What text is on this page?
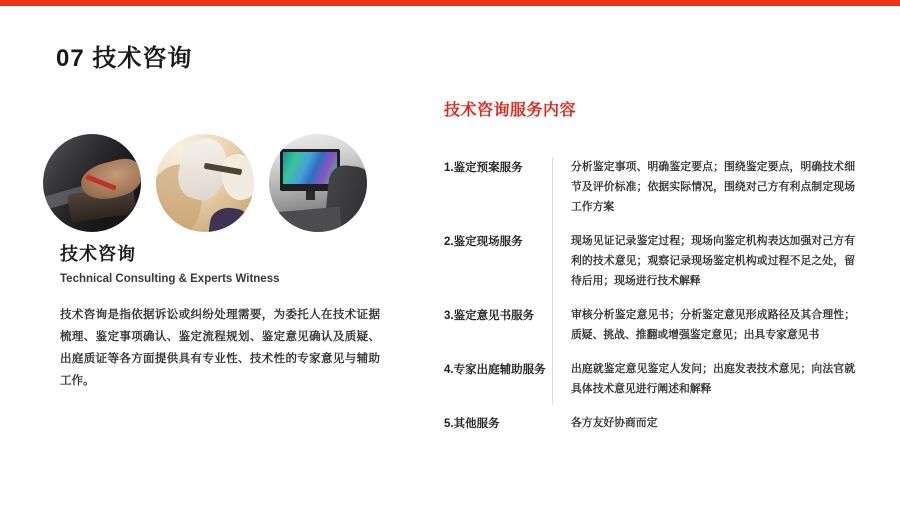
07 技术咨询
技术咨询
Technical Consulting & Experts Witness

技术咨询是指依据诉讼或纠纷处理需要，为委托人在技术证据梳理、鉴定事项确认、鉴定流程规划、鉴定意见确认及质疑、出庭质证等各方面提供具有专业性、技术性的专家意见与辅助工作。

技术咨询服务内容
1.鉴定预案服务	分析鉴定事项、明确鉴定要点；围绕鉴定要点，明确技术细节及评价标准；依据实际情况，围绕对己方有利点制定现场工作方案
2.鉴定现场服务	现场见证记录鉴定过程；现场向鉴定机构表达加强对己方有利的技术意见；观察记录现场鉴定机构或过程不足之处，留待后用；现场进行技术解释
3.鉴定意见书服务	审核分析鉴定意见书；分析鉴定意见形成路径及其合理性；质疑、挑战、推翻或增强鉴定意见；出具专家意见书
4.专家出庭辅助服务	出庭就鉴定意见鉴定人发问；出庭发表技术意见；向法官就具体技术意见进行阐述和解释
5.其他服务	各方友好协商而定
